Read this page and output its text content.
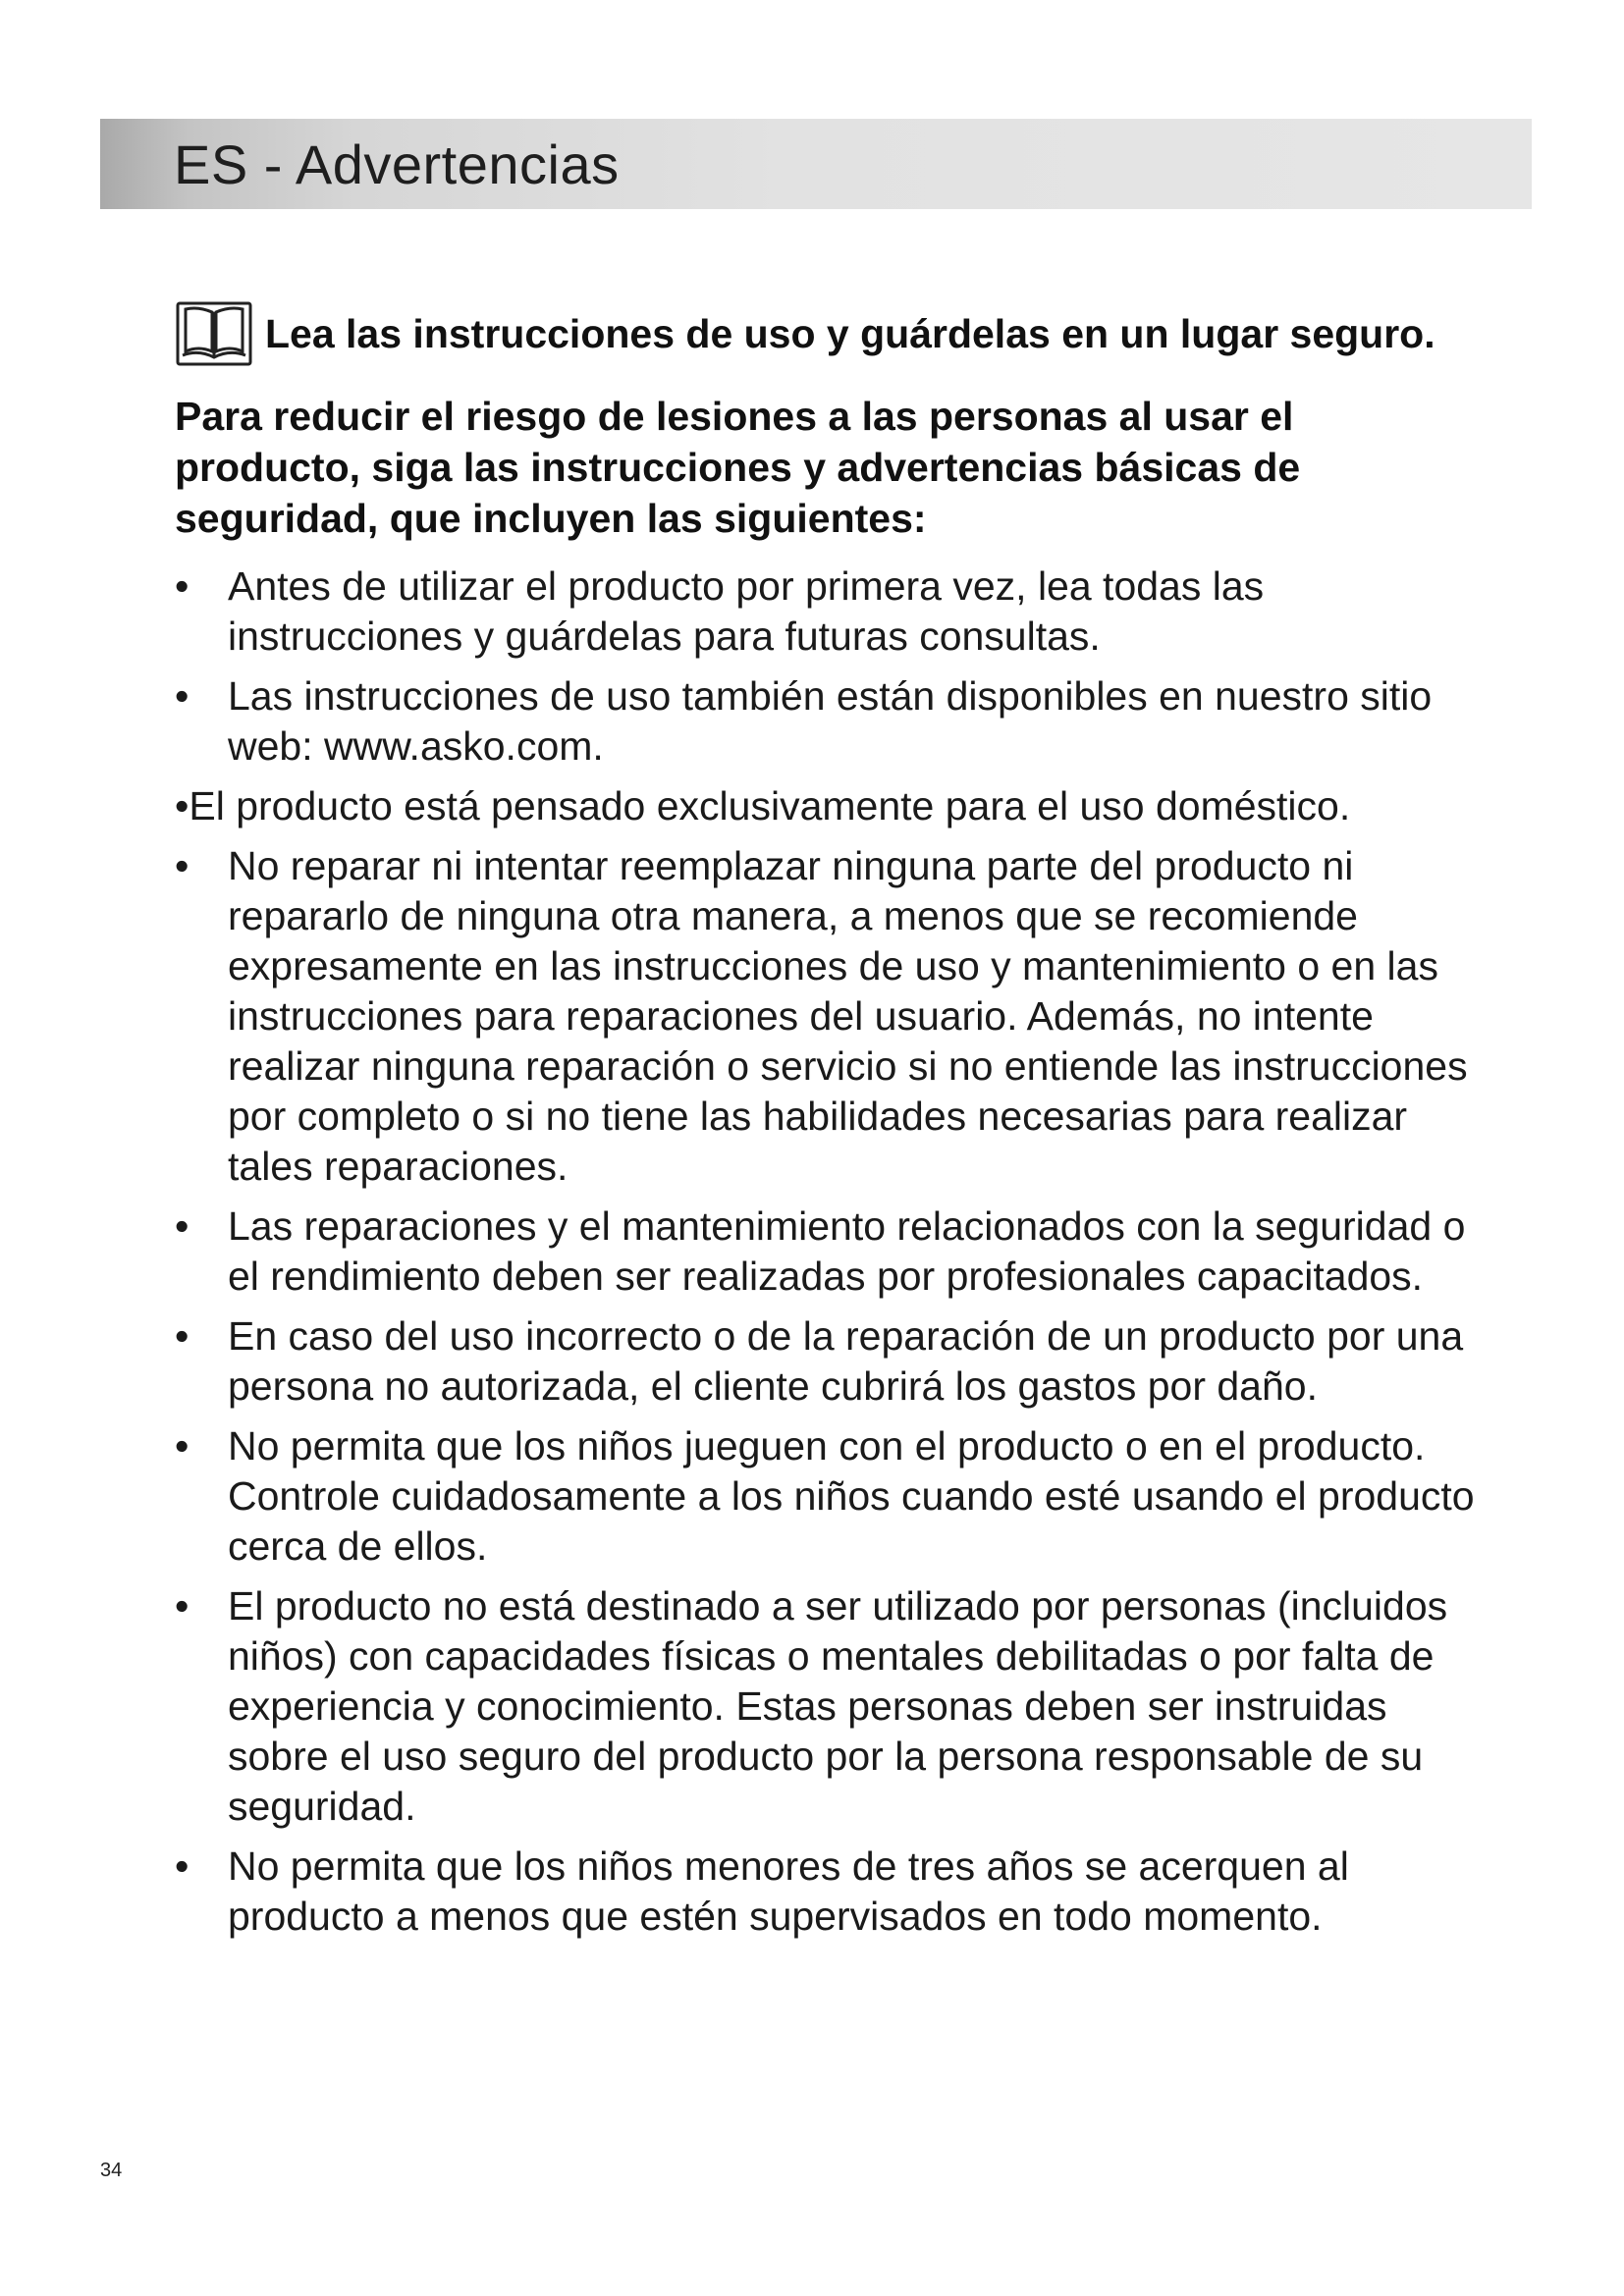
ES - Advertencias
Lea las instrucciones de uso y guárdelas en un lugar seguro.
Para reducir el riesgo de lesiones a las personas al usar el producto, siga las instrucciones y advertencias básicas de seguridad, que incluyen las siguientes:
• Antes de utilizar el producto por primera vez, lea todas las instrucciones y guárdelas para futuras consultas.
• Las instrucciones de uso también están disponibles en nuestro sitio web: www.asko.com.
•El producto está pensado exclusivamente para el uso doméstico.
• No reparar ni intentar reemplazar ninguna parte del producto ni repararlo de ninguna otra manera, a menos que se recomiende expresamente en las instrucciones de uso y mantenimiento o en las instrucciones para reparaciones del usuario. Además, no intente realizar ninguna reparación o servicio si no entiende las instrucciones por completo o si no tiene las habilidades necesarias para realizar tales reparaciones.
• Las reparaciones y el mantenimiento relacionados con la seguridad o el rendimiento deben ser realizadas por profesionales capacitados.
• En caso del uso incorrecto o de la reparación de un producto por una persona no autorizada, el cliente cubrirá los gastos por daño.
• No permita que los niños jueguen con el producto o en el producto. Controle cuidadosamente a los niños cuando esté usando el producto cerca de ellos.
• El producto no está destinado a ser utilizado por personas (incluidos niños) con capacidades físicas o mentales debilitadas o por falta de experiencia y conocimiento. Estas personas deben ser instruidas sobre el uso seguro del producto por la persona responsable de su seguridad.
• No permita que los niños menores de tres años se acerquen al producto a menos que estén supervisados en todo momento.
34
